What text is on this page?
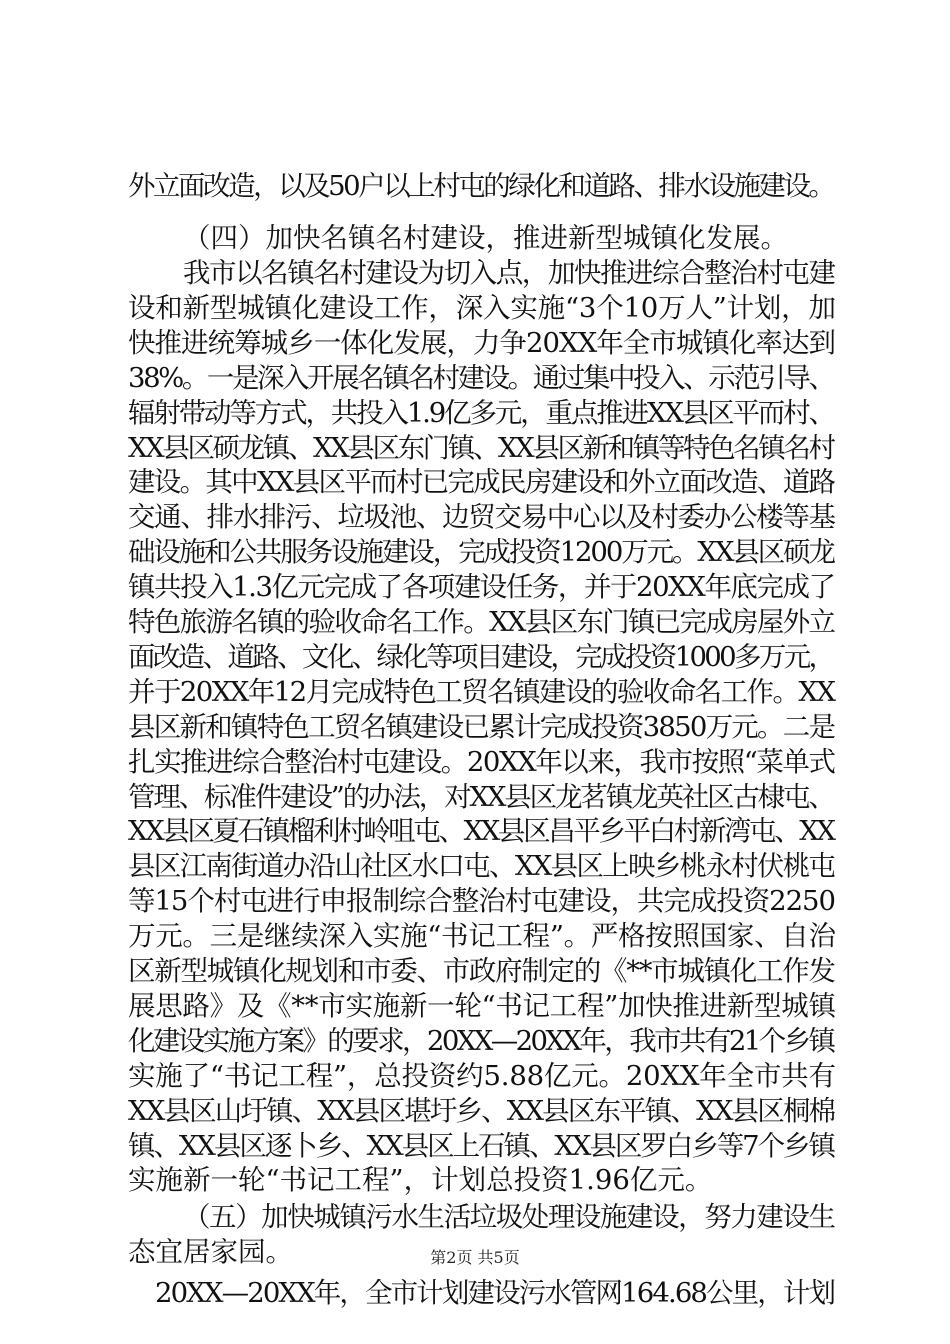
外立面改造，以及50户以上村屯的绿化和道路、排水设施建设。
（四）加快名镇名村建设，推进新型城镇化发展。
我市以名镇名村建设为切入点，加快推进综合整治村屯建
设和新型城镇化建设工作，深入实施“3个10万人”计划，加
快推进统筹城乡一体化发展，力争20XX年全市城镇化率达到
38%。一是深入开展名镇名村建设。通过集中投入、示范引导、
辐射带动等方式，共投入1.9亿多元，重点推进XX县区平而村、
XX县区硕龙镇、XX县区东门镇、XX县区新和镇等特色名镇名村
建设。其中XX县区平而村已完成民房建设和外立面改造、道路
交通、排水排污、垃圾池、边贸交易中心以及村委办公楼等基
础设施和公共服务设施建设，完成投资1200万元。XX县区硕龙
镇共投入1.3亿元完成了各项建设任务，并于20XX年底完成了
特色旅游名镇的验收命名工作。XX县区东门镇已完成房屋外立
面改造、道路、文化、绿化等项目建设，完成投资1000多万元，
并于20XX年12月完成特色工贸名镇建设的验收命名工作。XX
县区新和镇特色工贸名镇建设已累计完成投资3850万元。二是
扎实推进综合整治村屯建设。20XX年以来，我市按照“菜单式
管理、标准件建设”的办法，对XX县区龙茗镇龙英社区古棣屯、
XX县区夏石镇榴利村岭咀屯、XX县区昌平乡平白村新湾屯、XX
县区江南街道办沿山社区水口屯、XX县区上映乡桃永村伏桃屯
等15个村屯进行申报制综合整治村屯建设，共完成投资2250
万元。三是继续深入实施“书记工程”。严格按照国家、自治
区新型城镇化规划和市委、市政府制定的《**市城镇化工作发
展思路》及《**市实施新一轮“书记工程”加快推进新型城镇
化建设实施方案》的要求，20XX—20XX年，我市共有21个乡镇
实施了“书记工程”，总投资约5.88亿元。20XX年全市共有
XX县区山圩镇、XX县区堪圩乡、XX县区东平镇、XX县区桐棉
镇、XX县区逐卜乡、XX县区上石镇、XX县区罗白乡等7个乡镇
实施新一轮“书记工程”，计划总投资1.96亿元。
（五）加快城镇污水生活垃圾处理设施建设，努力建设生
态宜居家园。
20XX—20XX年，全市计划建设污水管网164.68公里，计划
第2页 共5页
